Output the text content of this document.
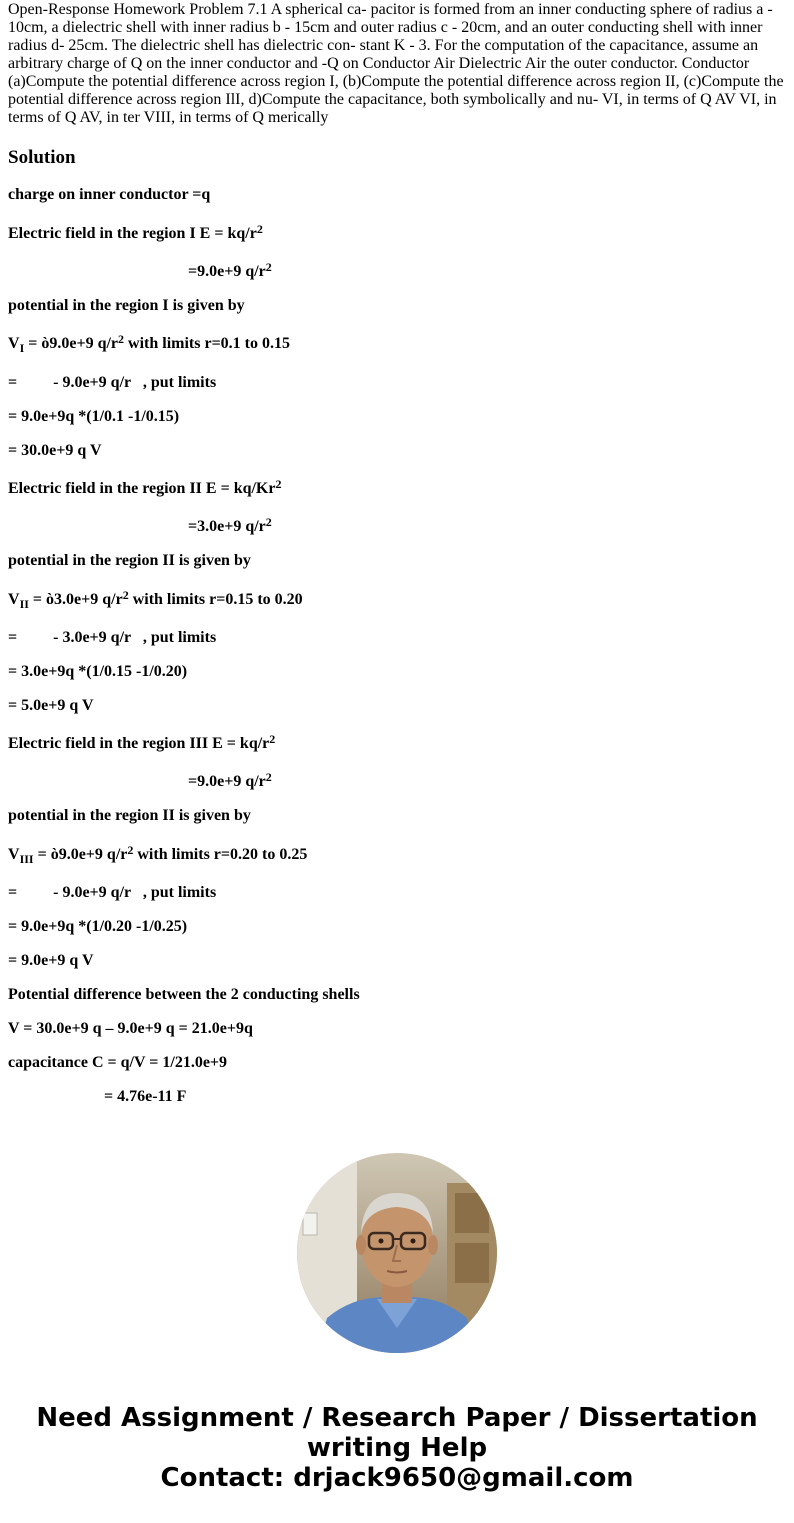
Open-Response Homework Problem 7.1 A spherical ca- pacitor is formed from an inner conducting sphere of radius a - 10cm, a dielectric shell with inner radius b - 15cm and outer radius c - 20cm, and an outer conducting shell with inner radius d- 25cm. The dielectric shell has dielectric con- stant K - 3. For the computation of the capacitance, assume an arbitrary charge of Q on the inner conductor and -Q on Conductor Air Dielectric Air the outer conductor. Conductor (a)Compute the potential difference across region I, (b)Compute the potential difference across region II, (c)Compute the potential difference across region IlI, d)Compute the capacitance, both symbolically and nu- VI, in terms of Q AV VI, in terms of Q AV, in ter VIII, in terms of Q merically

Solution

charge on inner conductor =q

Electric field in the region I $E = kq/r^2$

=9.0e+9 $q/r^2$

potential in the region I is given by

$V_I$ = ò9.0e+9 $q/r^2$ with limits r=0.1 to 0.15

=         - 9.0e+9 q/r   , put limits

= 9.0e+9q *(1/0.1 -1/0.15)

= 30.0e+9 q V

Electric field in the region II $E = kq/Kr^2$

=3.0e+9 $q/r^2$

potential in the region II is given by

$V_{II}$ = ò3.0e+9 $q/r^2$ with limits r=0.15 to 0.20

=         - 3.0e+9 q/r   , put limits

= 3.0e+9q *(1/0.15 -1/0.20)

= 5.0e+9 q V

Electric field in the region III $E = kq/r^2$

=9.0e+9 $q/r^2$

potential in the region II is given by

$V_{III}$ = ò9.0e+9 $q/r^2$ with limits r=0.20 to 0.25

=         - 9.0e+9 q/r   , put limits

= 9.0e+9q *(1/0.20 -1/0.25)

= 9.0e+9 q V

Potential difference between the 2 conducting shells

V = 30.0e+9 q – 9.0e+9 q = 21.0e+9q

capacitance C = q/V = 1/21.0e+9

= 4.76e-11 F

Need Assignment / Research Paper / Dissertation
writing Help
Contact: drjack9650@gmail.com
